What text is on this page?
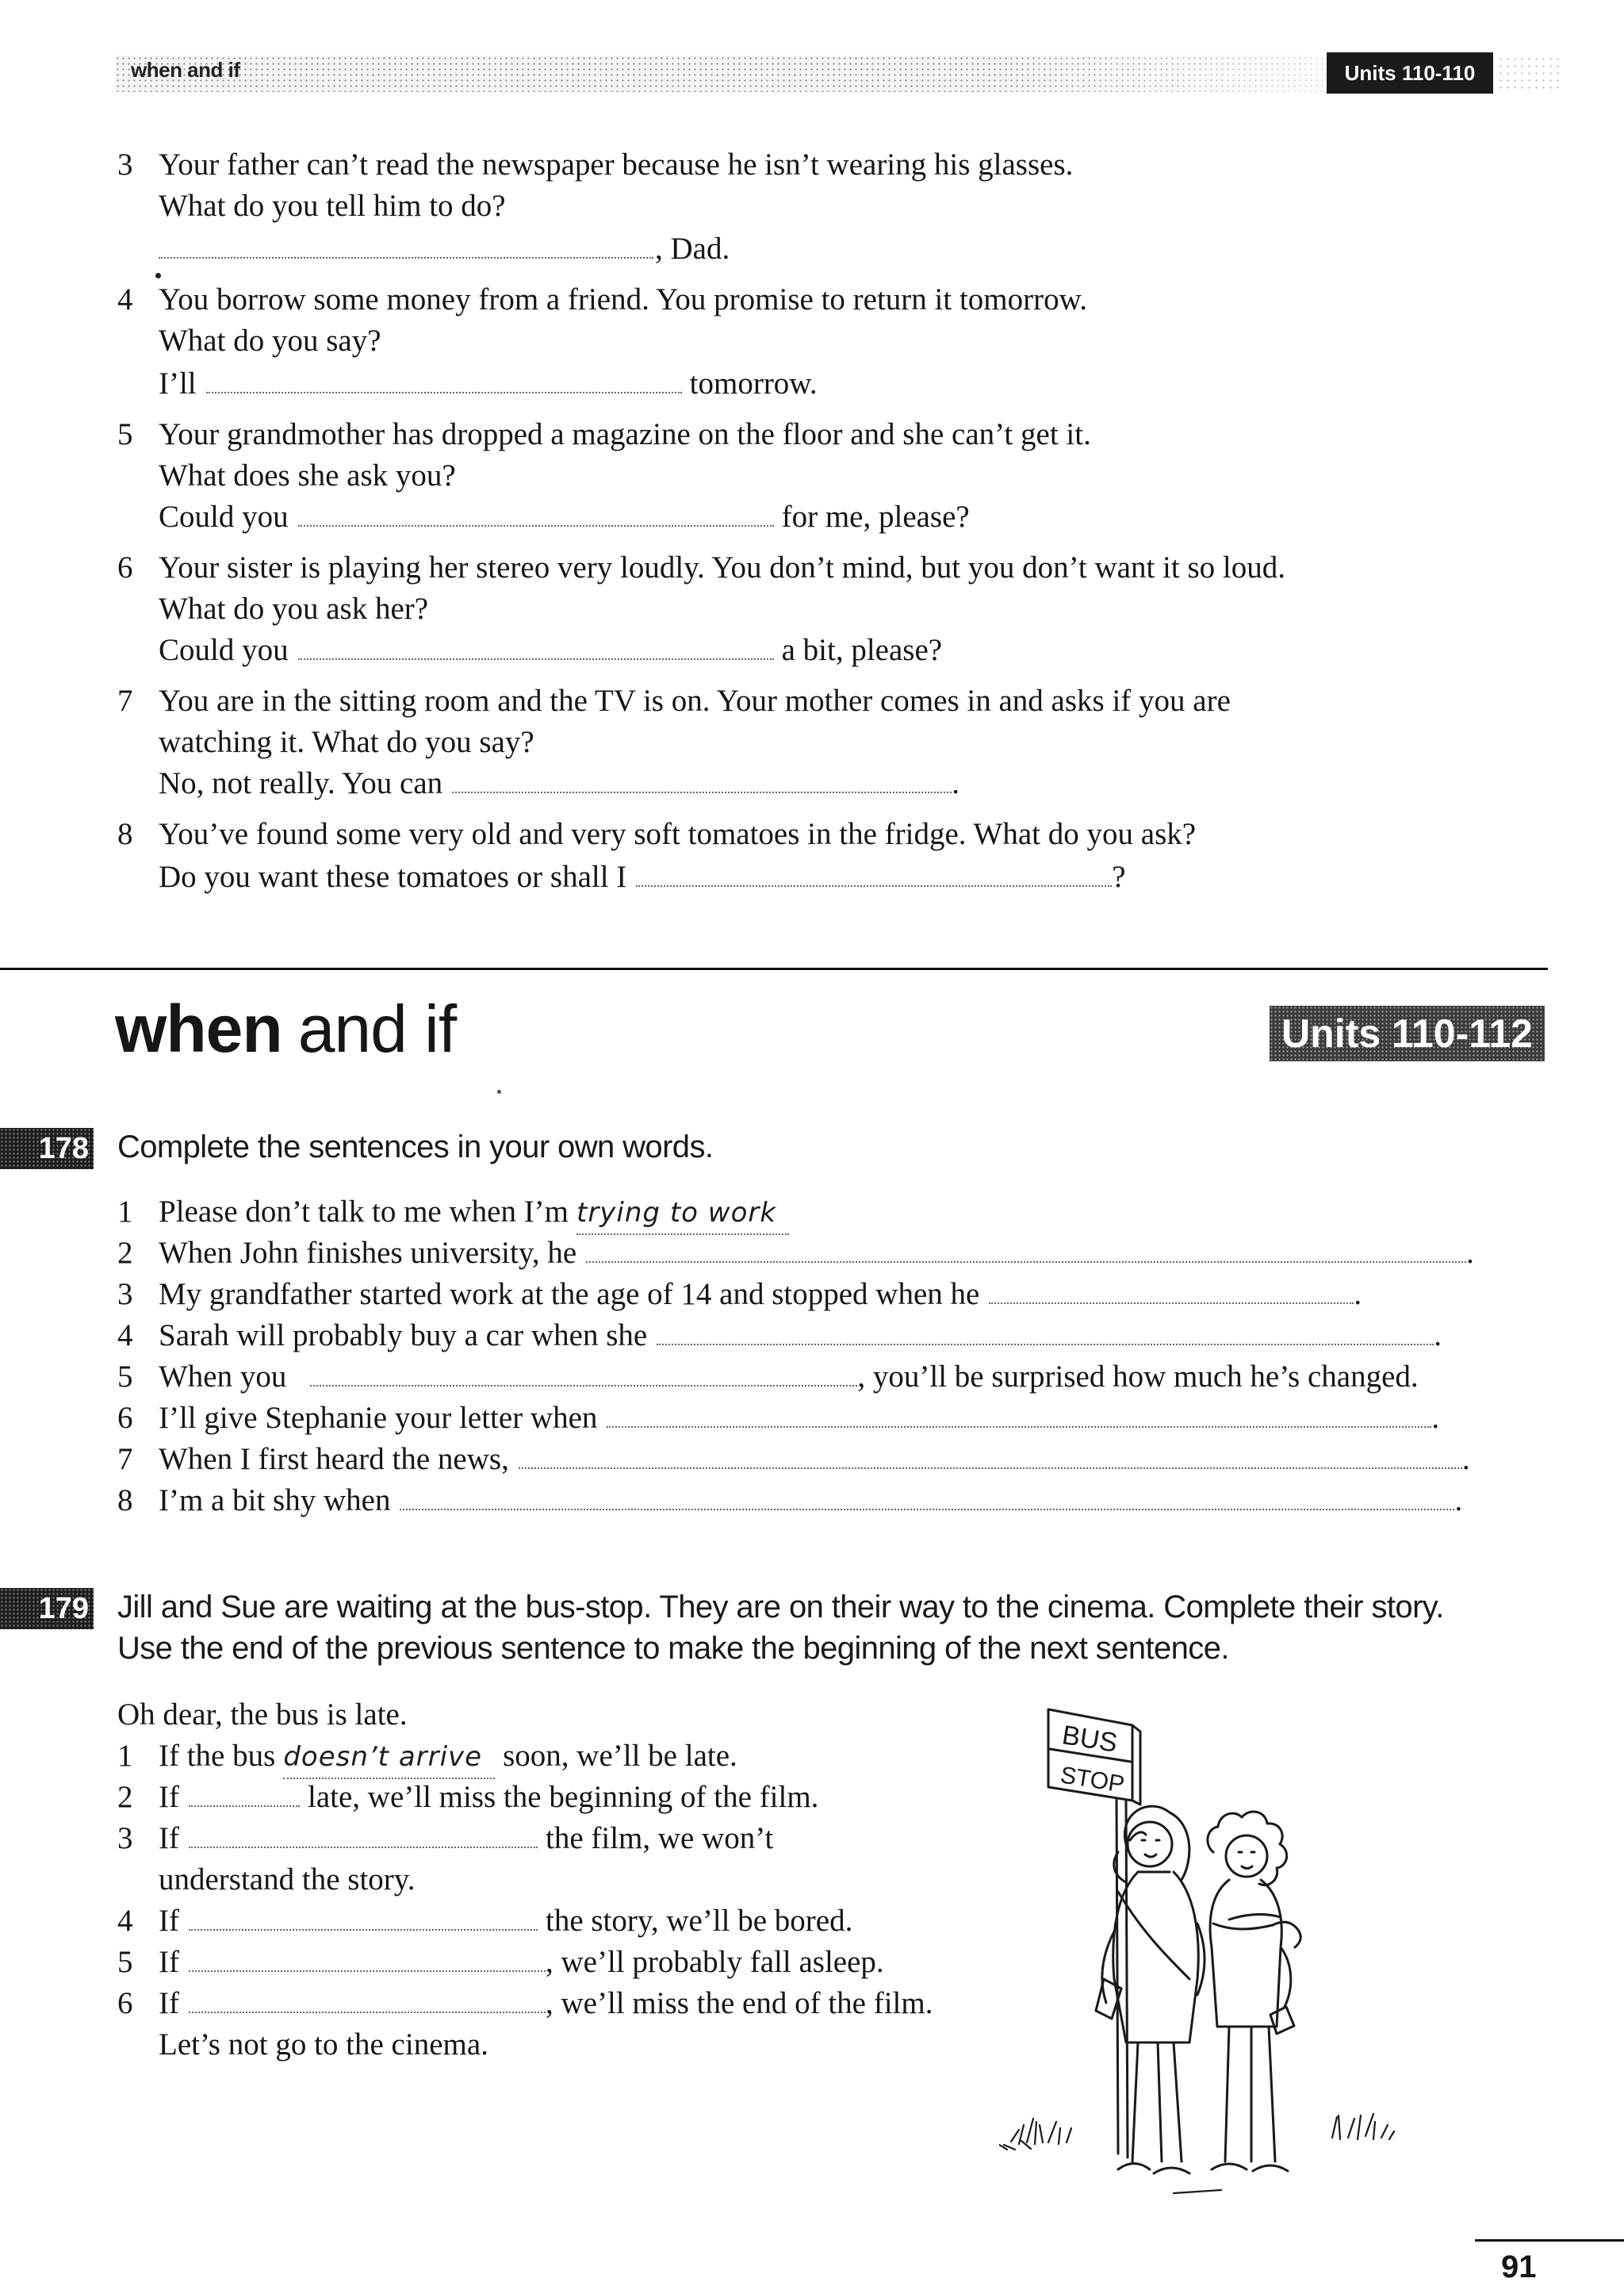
when and if	Units 110-110
3 Your father can’t read the newspaper because he isn’t wearing his glasses.
What do you tell him to do?
, Dad.
4 You borrow some money from a friend. You promise to return it tomorrow.
What do you say?
I’ll	tomorrow.
5 Your grandmother has dropped a magazine on the floor and she can’t get it.
What does she ask you?
Could you	for me, please?
6 Your sister is playing her stereo very loudly. You don’t mind, but you don’t want it so loud.
What do you ask her?
Could you	a bit, please?
7 You are in the sitting room and the TV is on. Your mother comes in and asks if you are
watching it. What do you say?
No, not really. You can	.
8 You’ve found some very old and very soft tomatoes in the fridge. What do you ask?
Do you want these tomatoes or shall I	?
when and if	Units 110-112
178 Complete the sentences in your own words.
1 Please don’t talk to me when I’m trying to work
2 When John finishes university, he	.
3 My grandfather started work at the age of 14 and stopped when he	.
4 Sarah will probably buy a car when she	.
5 When you	, you’ll be surprised how much he’s changed.
6 I’ll give Stephanie your letter when	.
7 When I first heard the news,	.
8 I’m a bit shy when	.
179 Jill and Sue are waiting at the bus-stop. They are on their way to the cinema. Complete their story.
Use the end of the previous sentence to make the beginning of the next sentence.
Oh dear, the bus is late.
1 If the bus doesn’t arrive soon, we’ll be late.
2 If	late, we’ll miss the beginning of the film.
3 If	the film, we won’t
understand the story.
4 If	the story, we’ll be bored.
5 If	, we’ll probably fall asleep.
6 If	, we’ll miss the end of the film.
Let’s not go to the cinema.
BUS
STOP
91
